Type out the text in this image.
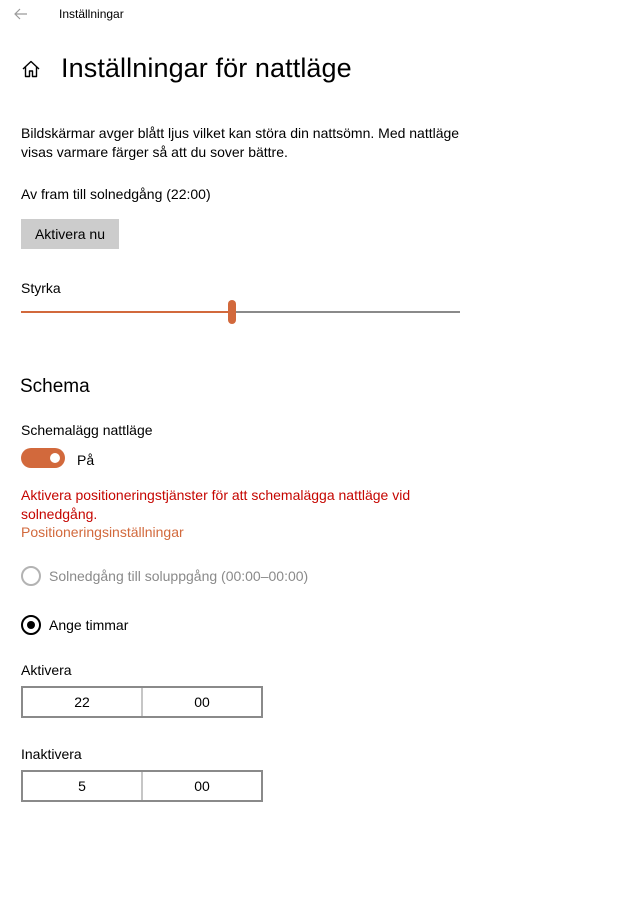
Inställningar
Inställningar för nattläge
Bildskärmar avger blått ljus vilket kan störa din nattsömn. Med nattläge visas varmare färger så att du sover bättre.
Av fram till solnedgång (22:00)
Aktivera nu
Styrka
Schema
Schemalägg nattläge
På
Aktivera positioneringstjänster för att schemalägga nattläge vid solnedgång.
Positioneringsinställningar
Solnedgång till soluppgång (00:00–00:00)
Ange timmar
Aktivera
22	00
Inaktivera
5	00
